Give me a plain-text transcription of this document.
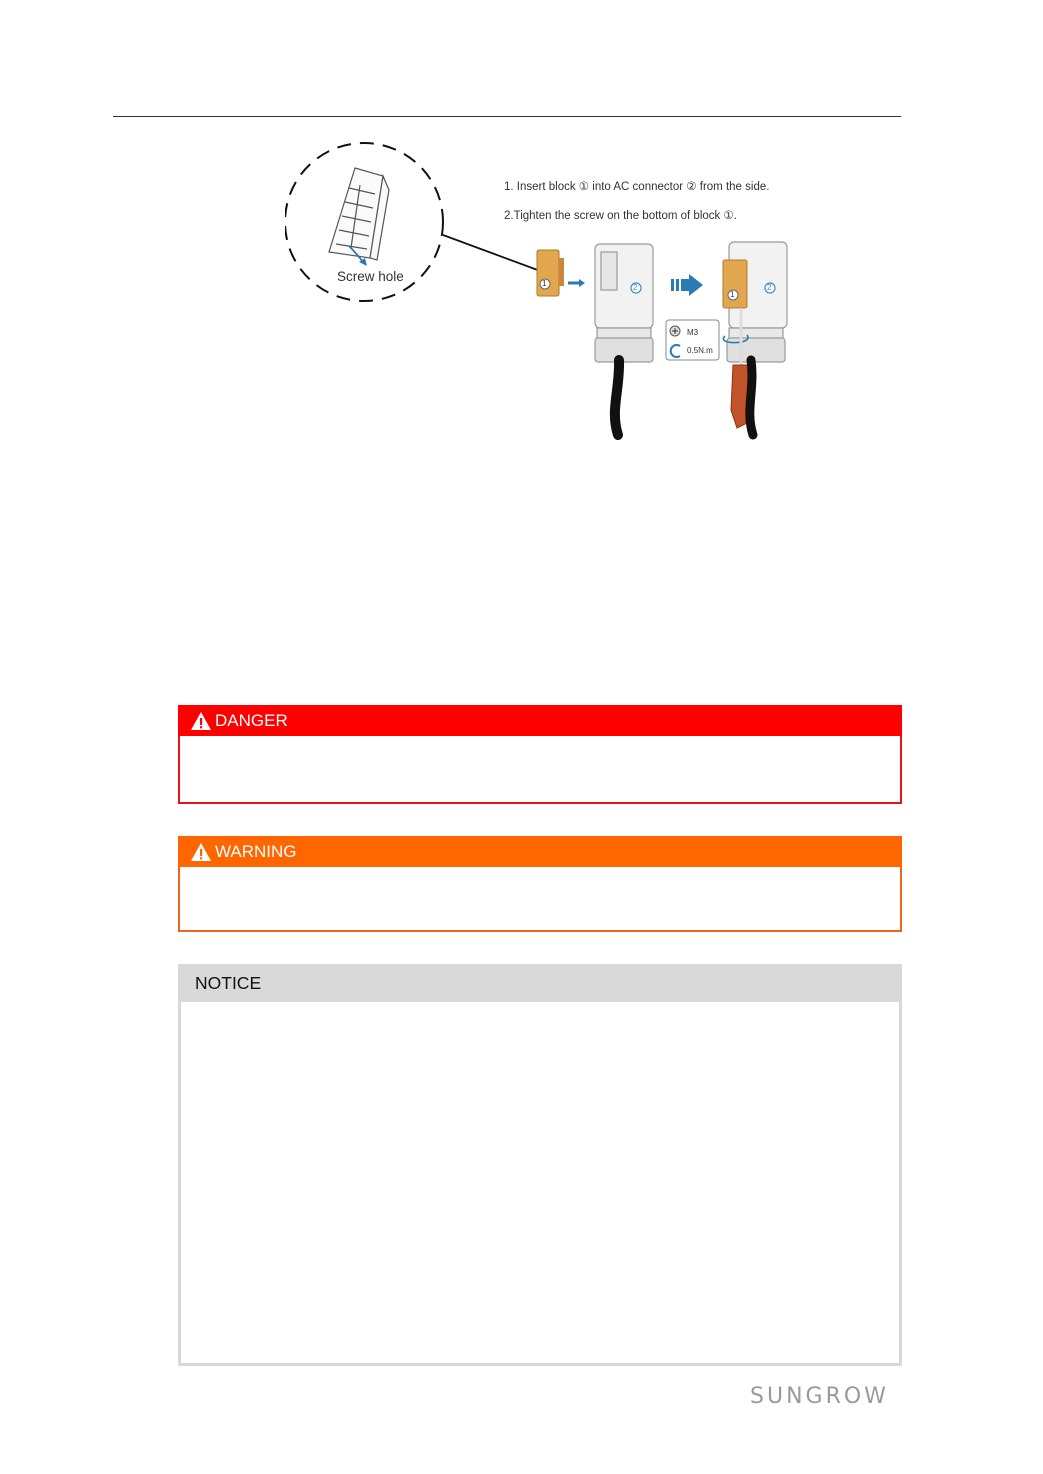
1. Insert block ① into AC connector ② from the side.
2.Tighten the screw on the bottom of block ①.
Screw hole
M3
0.5N.m
1	2
1
2
DANGER
WARNING
NOTICE
SUNGROW
